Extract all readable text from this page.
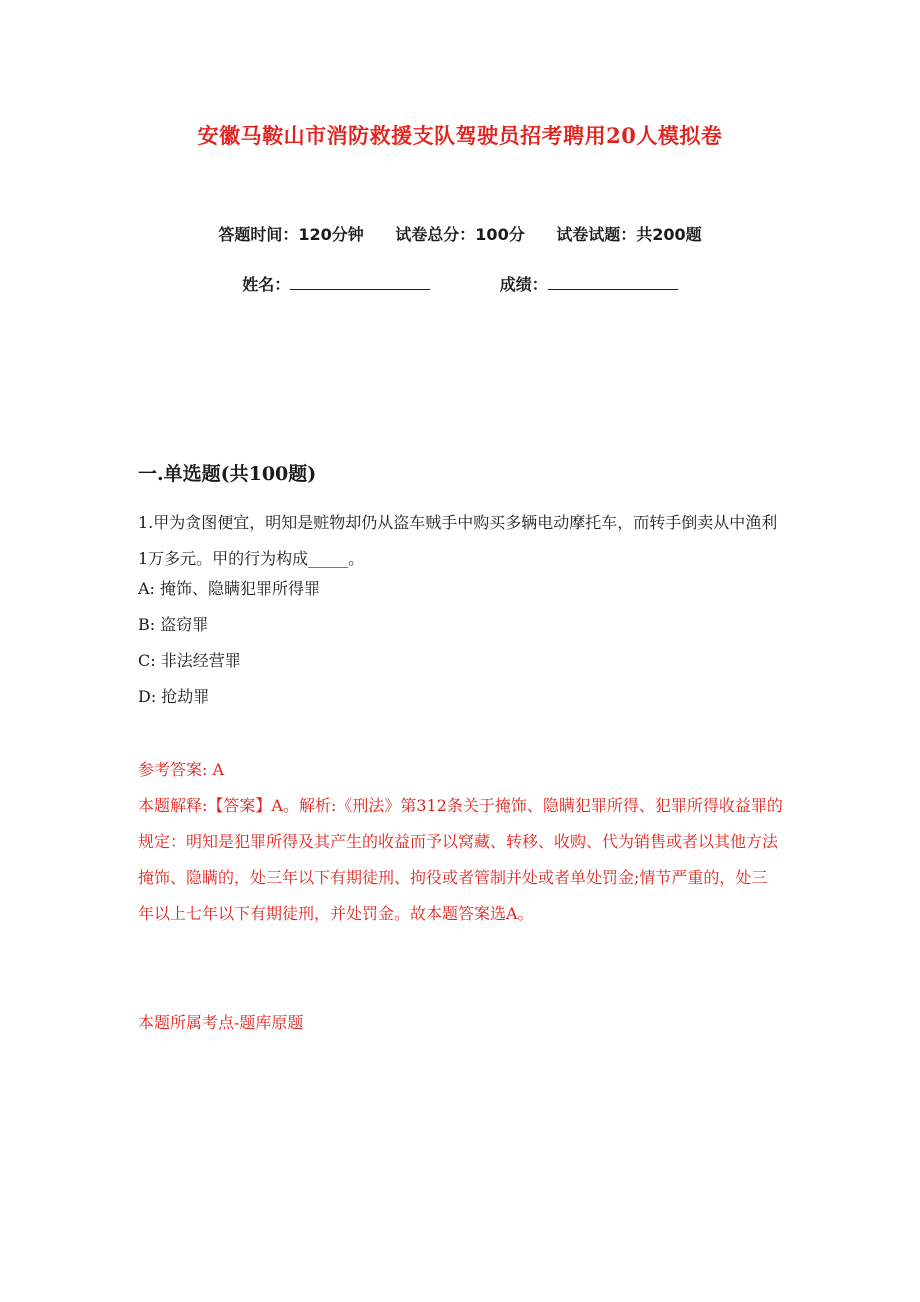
安徽马鞍山市消防救援支队驾驶员招考聘用20人模拟卷
答题时间：120分钟 试卷总分：100分 试卷试题：共200题
姓名：	成绩：
一.单选题(共100题)
1.甲为贪图便宜，明知是赃物却仍从盗车贼手中购买多辆电动摩托车，而转手倒卖从中渔利1万多元。甲的行为构成_____。
A: 掩饰、隐瞒犯罪所得罪
B: 盗窃罪
C: 非法经营罪
D: 抢劫罪
参考答案: A
本题解释:【答案】A。解析:《刑法》第312条关于掩饰、隐瞒犯罪所得、犯罪所得收益罪的规定：明知是犯罪所得及其产生的收益而予以窝藏、转移、收购、代为销售或者以其他方法掩饰、隐瞒的，处三年以下有期徒刑、拘役或者管制并处或者单处罚金;情节严重的，处三年以上七年以下有期徒刑，并处罚金。故本题答案选A。
本题所属考点-题库原题
